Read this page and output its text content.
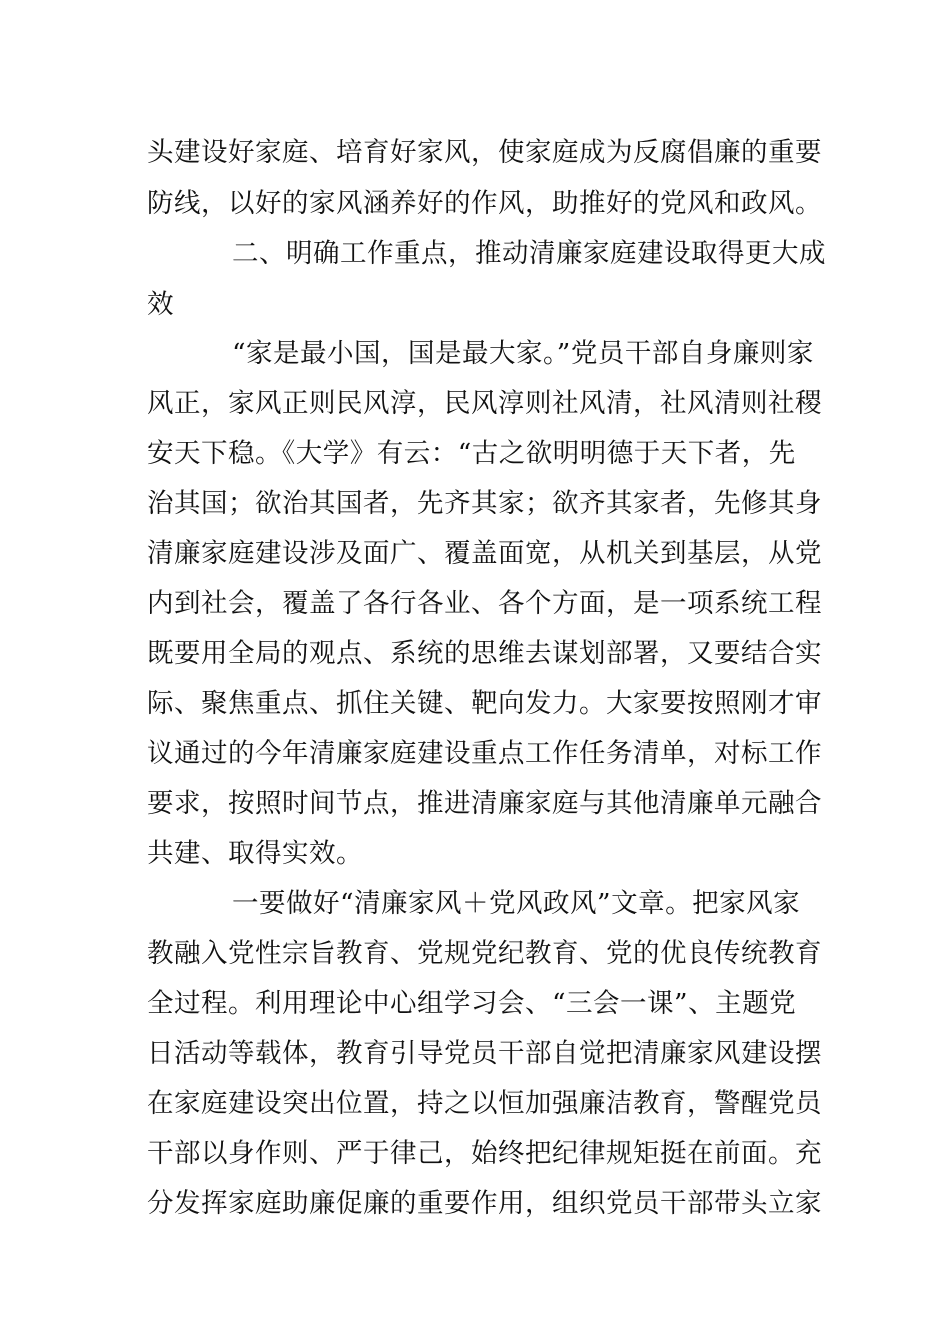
头建设好家庭、培育好家风，使家庭成为反腐倡廉的重要
防线，以好的家风涵养好的作风，助推好的党风和政风。
二、明确工作重点，推动清廉家庭建设取得更大成
效
“家是最小国，国是最大家。”党员干部自身廉则家
风正，家风正则民风淳，民风淳则社风清，社风清则社稷
安天下稳。《大学》有云：“古之欲明明德于天下者，先
治其国；欲治其国者，先齐其家；欲齐其家者，先修其身
清廉家庭建设涉及面广、覆盖面宽，从机关到基层，从党
内到社会，覆盖了各行各业、各个方面，是一项系统工程
既要用全局的观点、系统的思维去谋划部署，又要结合实
际、聚焦重点、抓住关键、靶向发力。大家要按照刚才审
议通过的今年清廉家庭建设重点工作任务清单，对标工作
要求，按照时间节点，推进清廉家庭与其他清廉单元融合
共建、取得实效。
一要做好“清廉家风＋党风政风”文章。把家风家
教融入党性宗旨教育、党规党纪教育、党的优良传统教育
全过程。利用理论中心组学习会、“三会一课”、主题党
日活动等载体，教育引导党员干部自觉把清廉家风建设摆
在家庭建设突出位置，持之以恒加强廉洁教育，警醒党员
干部以身作则、严于律己，始终把纪律规矩挺在前面。充
分发挥家庭助廉促廉的重要作用，组织党员干部带头立家
